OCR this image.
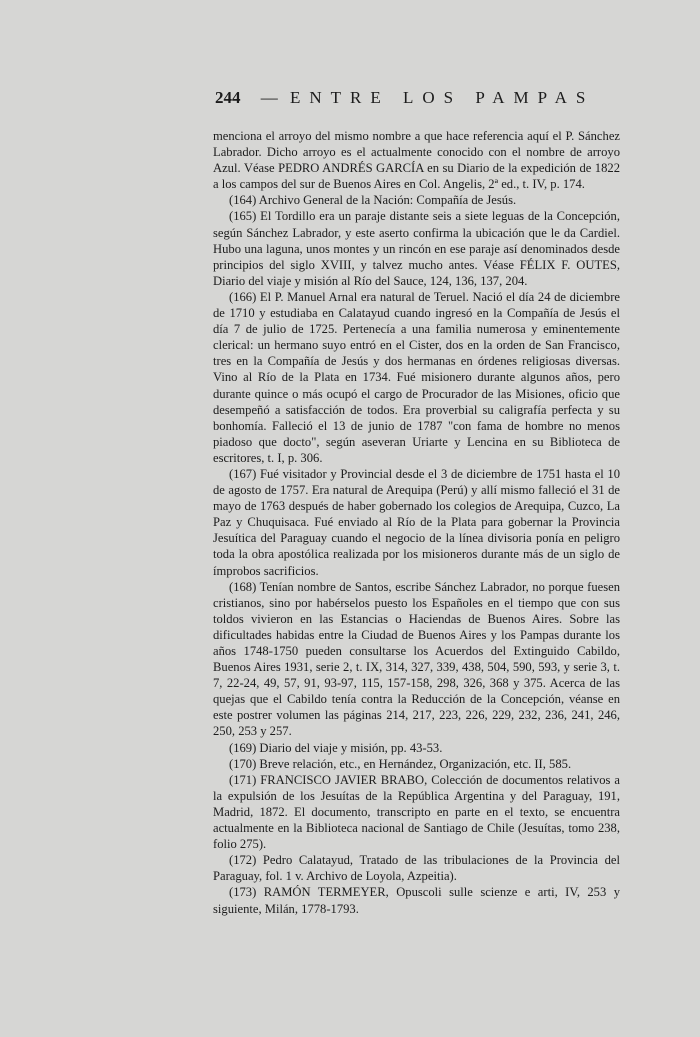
244 — ENTRE LOS PAMPAS

mencionа el arroyo del mismo nombre a que hace referencia aquí el P. Sánchez Labrador. Dicho arroyo es el actualmente conocido con el nombre de arroyo Azul. Véase PEDRO ANDRÉS GARCÍA en su Diario de la expedición de 1822 a los campos del sur de Buenos Aires en Col. Angelis, 2ª ed., t. IV, p. 174.

(164) Archivo General de la Nación: Compañía de Jesús.

(165) El Tordillo era un paraje distante seis a siete leguas de la Concepción, según Sánchez Labrador, y este aserto confirma la ubicación que le da Cardiel. Hubo una laguna, unos montes y un rincón en ese paraje así denominados desde principios del siglo XVIII, y talvez mucho antes. Véase FÉLIX F. OUTES, Diario del viaje y misión al Río del Sauce, 124, 136, 137, 204.

(166) El P. Manuel Arnal era natural de Teruel. Nació el día 24 de diciembre de 1710 y estudiaba en Calatayud cuando ingresó en la Compañía de Jesús el día 7 de julio de 1725. Pertenecía a una familia numerosa y eminentemente clerical: un hermano suyo entró en el Cister, dos en la orden de San Francisco, tres en la Compañía de Jesús y dos hermanas en órdenes religiosas diversas. Vino al Río de la Plata en 1734. Fué misionero durante algunos años, pero durante quince o más ocupó el cargo de Procurador de las Misiones, oficio que desempeñó a satisfacción de todos. Era proverbial su caligrafía perfecta y su bonhomía. Falleció el 13 de junio de 1787 "con fama de hombre no menos piadoso que docto", según aseveran Uriarte y Lencina en su Biblioteca de escritores, t. I, p. 306.

(167) Fué visitador y Provincial desde el 3 de diciembre de 1751 hasta el 10 de agosto de 1757. Era natural de Arequipa (Perú) y allí mismo falleció el 31 de mayo de 1763 después de haber gobernado los colegios de Arequipa, Cuzco, La Paz y Chuquisaca. Fué enviado al Río de la Plata para gobernar la Provincia Jesuítica del Paraguay cuando el negocio de la línea divisoria ponía en peligro toda la obra apostólica realizada por los misioneros durante más de un siglo de ímprobos sacrificios.

(168) Tenían nombre de Santos, escribe Sánchez Labrador, no porque fuesen cristianos, sino por habérselos puesto los Españoles en el tiempo que con sus toldos vivieron en las Estancias o Haciendas de Buenos Aires. Sobre las dificultades habidas entre la Ciudad de Buenos Aires y los Pampas durante los años 1748-1750 pueden consultarse los Acuerdos del Extinguido Cabildo, Buenos Aires 1931, serie 2, t. IX, 314, 327, 339, 438, 504, 590, 593, y serie 3, t. 7, 22-24, 49, 57, 91, 93-97, 115, 157-158, 298, 326, 368 y 375. Acerca de las quejas que el Cabildo tenía contra la Reducción de la Concepción, véanse en este postrer volumen las páginas 214, 217, 223, 226, 229, 232, 236, 241, 246, 250, 253 y 257.

(169) Diario del viaje y misión, pp. 43-53.

(170) Breve relación, etc., en Hernández, Organización, etc. II, 585.

(171) FRANCISCO JAVIER BRABO, Colección de documentos relativos a la expulsión de los Jesuítas de la República Argentina y del Paraguay, 191, Madrid, 1872. El documento, transcripto en parte en el texto, se encuentra actualmente en la Biblioteca nacional de Santiago de Chile (Jesuítas, tomo 238, folio 275).

(172) Pedro Calatayud, Tratado de las tribulaciones de la Provincia del Paraguay, fol. 1 v. Archivo de Loyola, Azpeitia).

(173) RAMÓN TERMEYER, Opuscoli sulle scienze e arti, IV, 253 y siguiente, Milán, 1778-1793.
